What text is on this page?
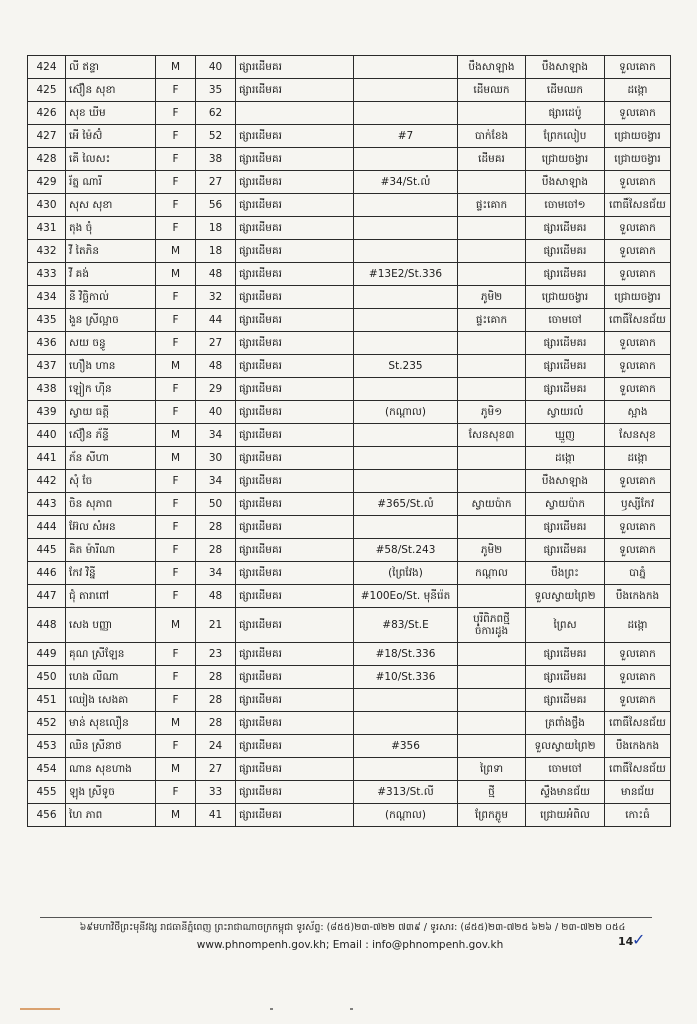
424	លី ឥន្ទា	M	40	ផ្សារដើមគរ		បឹងសាឡាង	បឹងសាឡាង	ទួលគោក
425	ស៊ឿន សុខា	F	35	ផ្សារដើមគរ		ដើមឈក	ដើមឈក	ដង្កោ
426	សុខ ឃីម	F	62				ផ្សារដេប៉ូ	ទួលគោក
427	អើ ម៉ៃស៊ំ	F	52	ផ្សារដើមគរ	#7	បាក់ខែង	ព្រែកលៀប	ជ្រោយចង្វារ
428	គើ លៃសះ	F	38	ផ្សារដើមគរ		ដើមគរ	ជ្រោយចង្វារ	ជ្រោយចង្វារ
429	រ័ត្ន ណារី	F	27	ផ្សារដើមគរ	#34/St.លំ		បឹងសាឡាង	ទួលគោក
430	សុស សុខា	F	56	ផ្សារដើមគរ		ផ្ទះគោក	ចោមចៅ១	ពោធិ៍សែនជ័យ
431	តុង ចុំ	F	18	ផ្សារដើមគរ			ផ្សារដើមគរ	ទួលគោក
432	វី តៃភិន	M	18	ផ្សារដើមគរ			ផ្សារដើមគរ	ទួលគោក
433	វី គង់	M	48	ផ្សារដើមគរ	#13E2/St.336		ផ្សារដើមគរ	ទួលគោក
434	នី វិច្ឆិកាល់	F	32	ផ្សារដើមគរ		ភូមិ២	ជ្រោយចង្វារ	ជ្រោយចង្វារ
435	ងួន ស្រីល្អាច	F	44	ផ្សារដើមគរ		ផ្ទះគោក	ចោមចៅ	ពោធិ៍សែនជ័យ
436	សយ ចន្ធូ	F	27	ផ្សារដើមគរ			ផ្សារដើមគរ	ទួលគោក
437	ហឿង ហាន	M	48	ផ្សារដើមគរ	St.235		ផ្សារដើមគរ	ទួលគោក
438	ឡៀក ហ៊ីន	F	29	ផ្សារដើមគរ			ផ្សារដើមគរ	ទួលគោក
439	ស្វាយ ធត្តី	F	40	ផ្សារដើមគរ	(កណ្តាល)	ភូមិ១	ស្វាយរលំ	ស្អាង
440	ស៊ឿន ភ័ន្ទី	M	34	ផ្សារដើមគរ		សែនសុខ៣	ឃ្មួញ	សែនសុខ
441	ភ័ន សីហា	M	30	ផ្សារដើមគរ			ដង្កោ	ដង្កោ
442	សុំ ចែ	F	34	ផ្សារដើមគរ			បឹងសាឡាង	ទួលគោក
443	ចិន សុភាព	F	50	ផ្សារដើមគរ	#365/St.លំ	ស្វាយប៉ាក	ស្វាយប៉ាក	ឫស្សីកែវ
444	អ៊ែល សំអន	F	28	ផ្សារដើមគរ			ផ្សារដើមគរ	ទួលគោក
445	គិត ម៉ារីណា	F	28	ផ្សារដើមគរ	#58/St.243	ភូមិ២	ផ្សារដើមគរ	ទួលគោក
446	កែវ វិន្នី	F	34	ផ្សារដើមគរ	(ព្រៃវែង)	កណ្តាល	បឹងព្រះ	បាភ្នំ
447	ជុំ តារាពៅ	F	48	ផ្សារដើមគរ	#100Eo/St. មុនីរ៉េត		ទួលស្វាយព្រៃ២	បឹងកេងកង
448	សេង បញ្ញា	M	21	ផ្សារដើមគរ	#83/St.E	បុរីពិភពថ្មី ចំការដូង	ព្រៃស	ដង្កោ
449	គុណ ស្រីឡែន	F	23	ផ្សារដើមគរ	#18/St.336		ផ្សារដើមគរ	ទួលគោក
450	ហេង លីណា	F	28	ផ្សារដើមគរ	#10/St.336		ផ្សារដើមគរ	ទួលគោក
451	ឈៀង សេងគា	F	28	ផ្សារដើមគរ			ផ្សារដើមគរ	ទួលគោក
452	មាន់ សុខលឿន	M	28	ផ្សារដើមគរ			ត្រពាំងថ្លឹង	ពោធិ៍សែនជ័យ
453	ឈិន ស្រីនាថ	F	24	ផ្សារដើមគរ	#356		ទួលស្វាយព្រៃ២	បឹងកេងកង
454	ណាន សុខហាង	M	27	ផ្សារដើមគរ		ព្រៃទា	ចោមចៅ	ពោធិ៍សែនជ័យ
455	ឡុង ស្រីទូច	F	33	ផ្សារដើមគរ	#313/St.លី	ថ្មី	ស្ទឹងមានជ័យ	មានជ័យ
456	ហៃ ភាព	M	41	ផ្សារដើមគរ	(កណ្តាល)	ព្រែកភ្លូម	ជ្រោយអំពិល	កោះធំ
៦៩មហាវិថីព្រះមុនីវង្ស រាជធានីភ្នំពេញ ព្រះរាជាណាចក្រកម្ពុជា ទូរស័ព្ទ: (៨៥៥)២៣-៧២២ ៧៣៩ / ទូរសារ: (៨៥៥)២៣-៧២៥ ៦២៦ / ២៣-៧២២ ០៥៤
www.phnompenh.gov.kh; Email : info@phnompenh.gov.kh	14
✓
